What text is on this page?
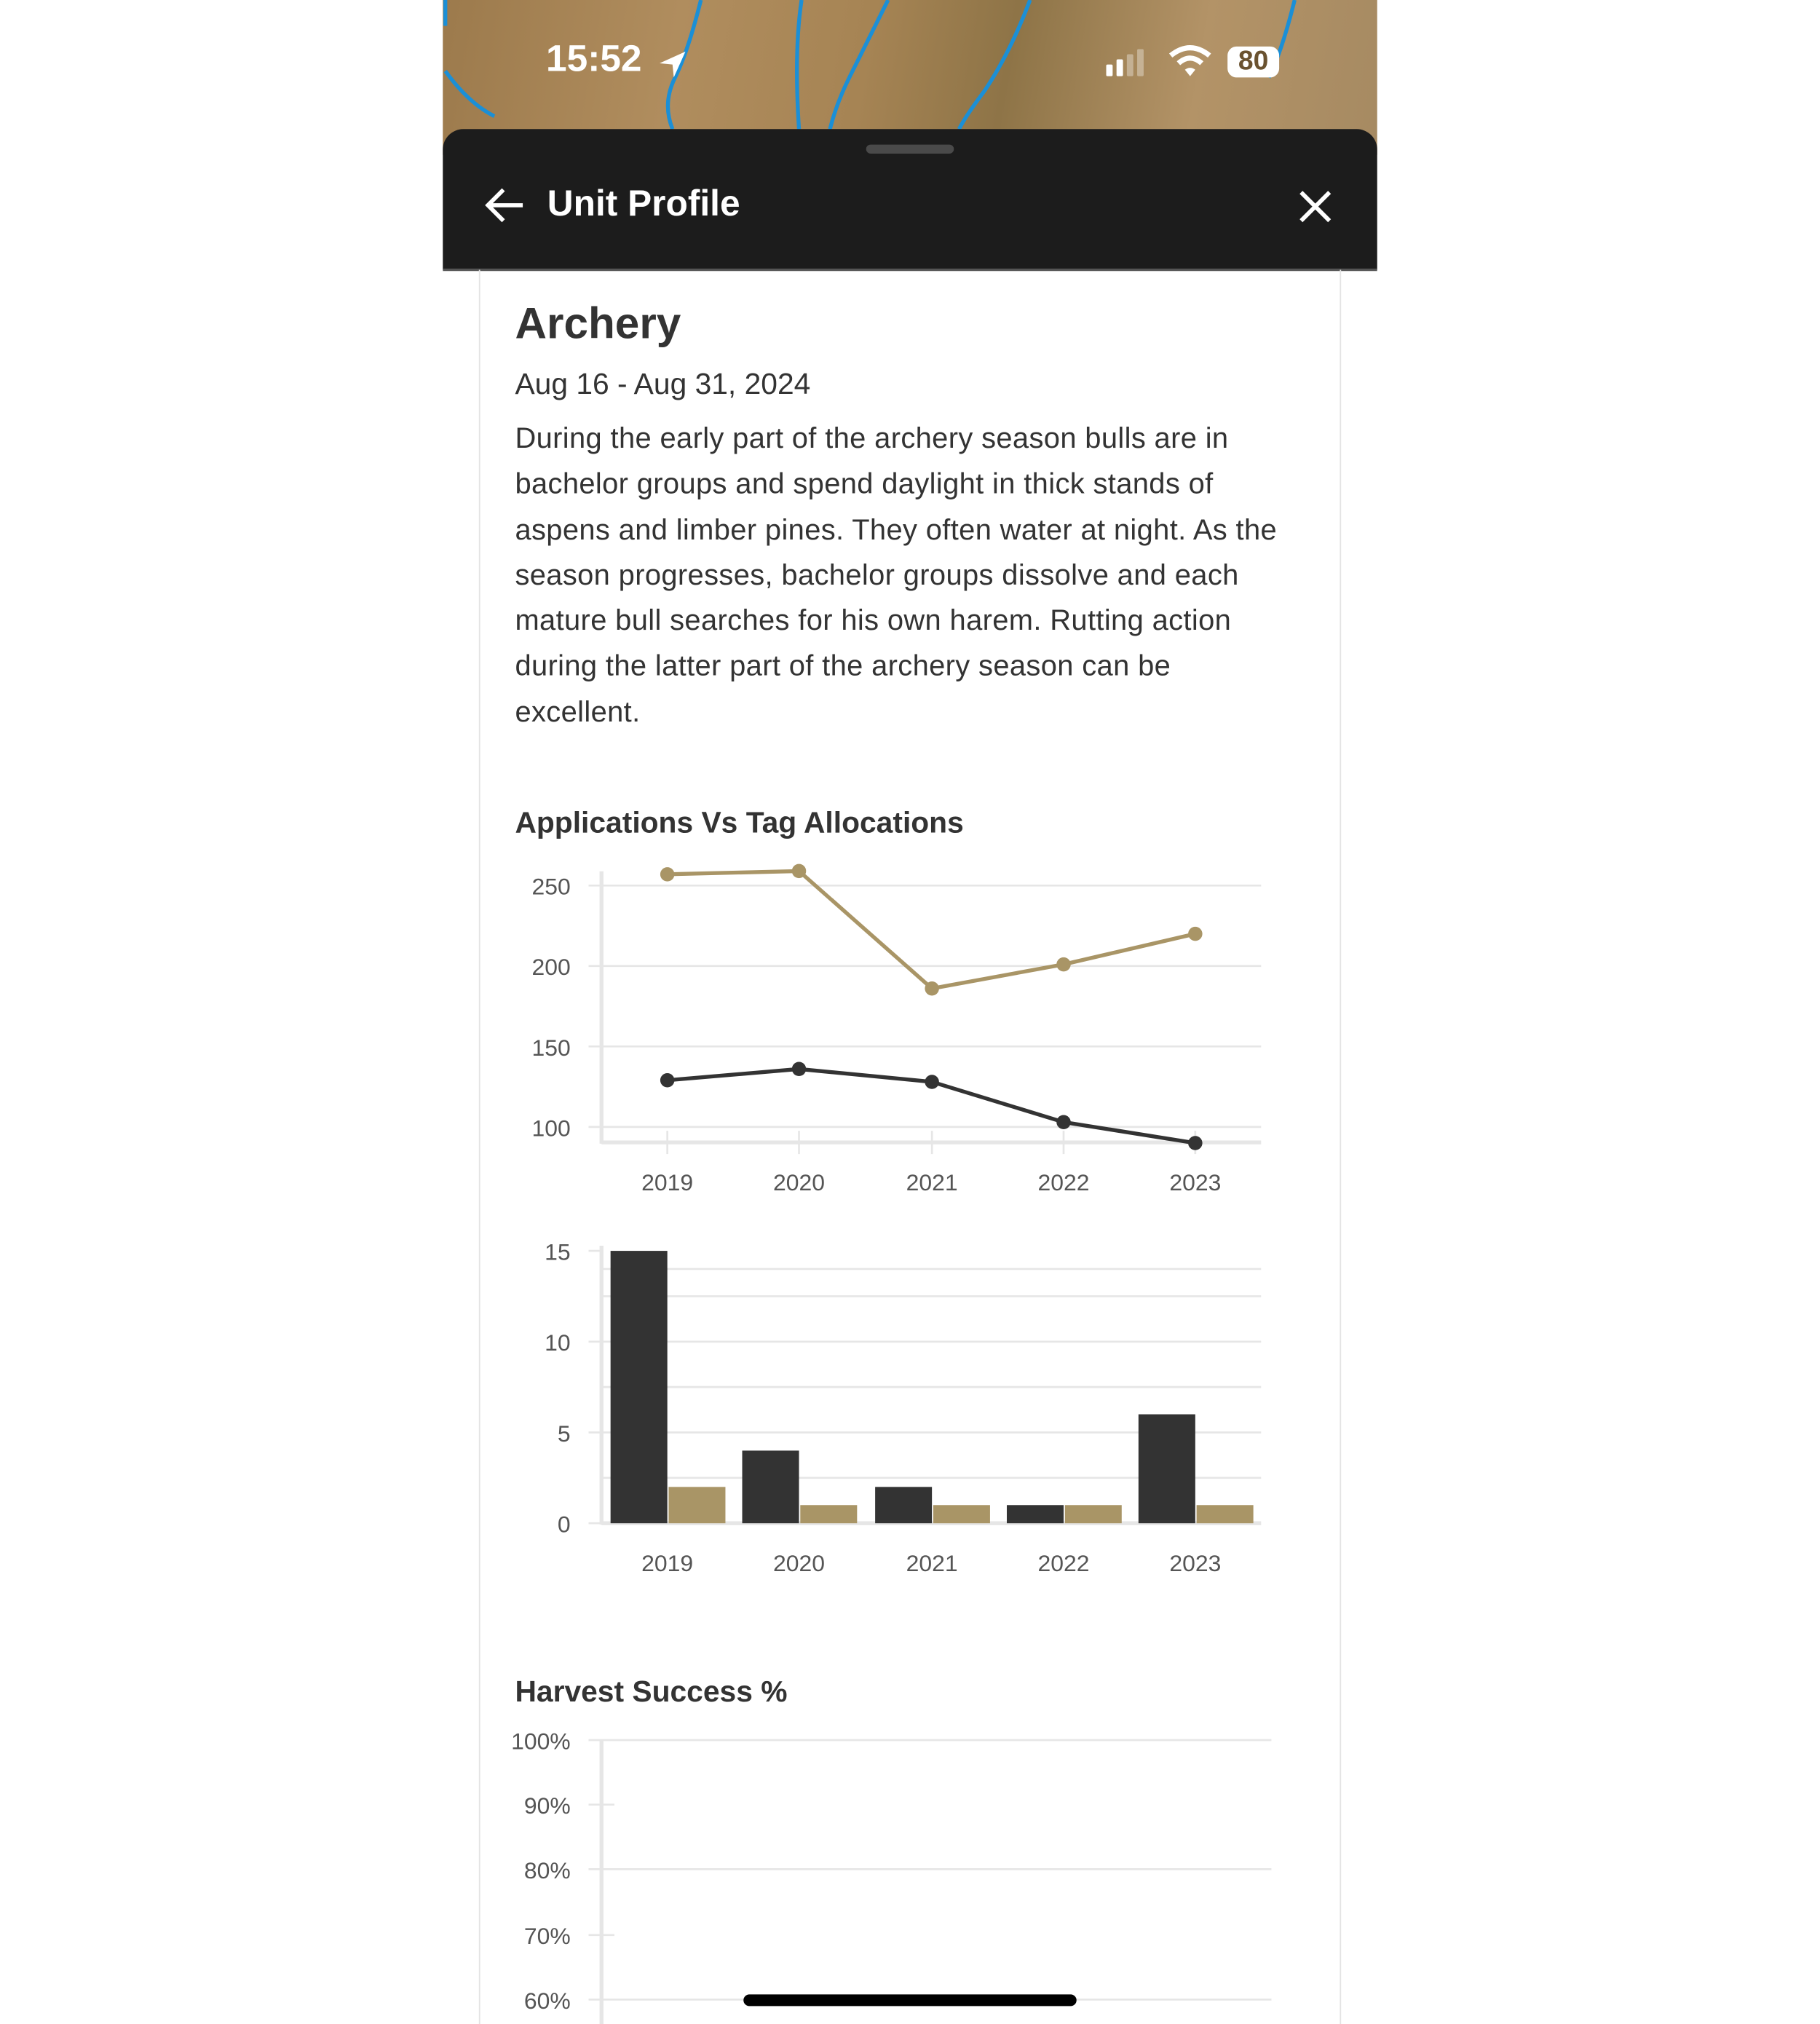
15:52	80
Unit Profile
Archery
Aug 16 - Aug 31, 2024
During the early part of the archery season bulls are in bachelor groups and spend daylight in thick stands of aspens and limber pines. They often water at night. As the season progresses, bachelor groups dissolve and each mature bull searches for his own harem. Rutting action during the latter part of the archery season can be excellent.
Applications Vs Tag Allocations
Harvest Success %
250
200
150
100
2019	2020	2021	2022	2023
15
10
5
0
2019	2020	2021	2022	2023
100%
90%
80%
70%
60%
